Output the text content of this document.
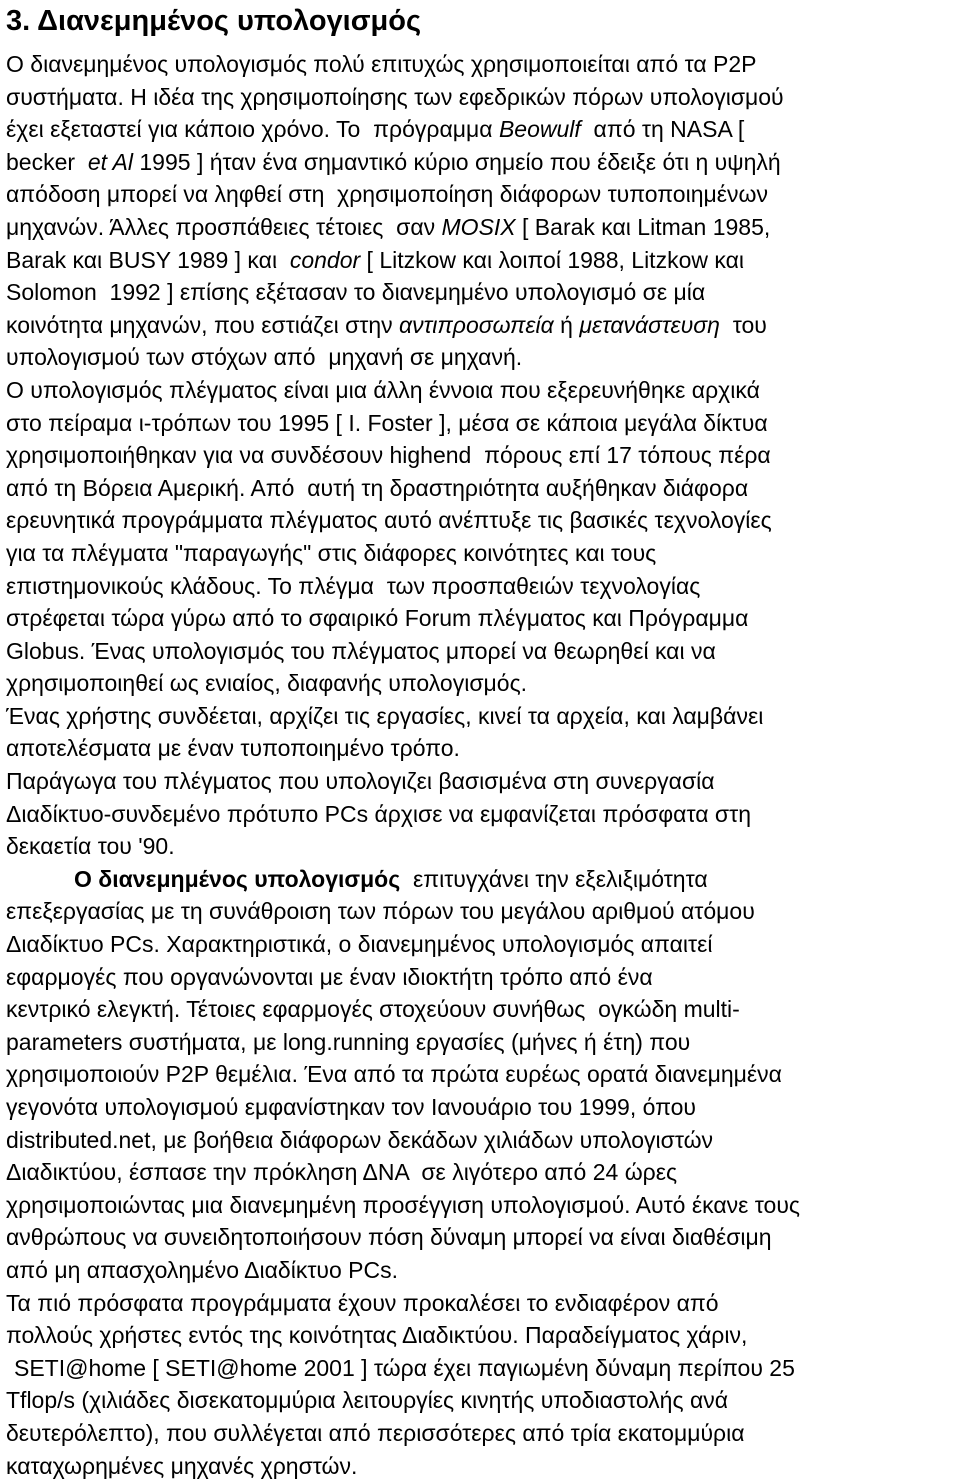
3. Διανεμημένος υπολογισμός
Ο διανεμημένος υπολογισμός πολύ επιτυχώς χρησιμοποιείται από τα P2P
συστήματα. Η ιδέα της χρησιμοποίησης των εφεδρικών πόρων υπολογισμού
έχει εξεταστεί για κάποιο χρόνο. Το  πρόγραμμα Beowulf  από τη NASA [
becker  et Al 1995 ] ήταν ένα σημαντικό κύριο σημείο που έδειξε ότι η υψηλή
απόδοση μπορεί να ληφθεί στη  χρησιμοποίηση διάφορων τυποποιημένων
μηχανών. Άλλες προσπάθειες τέτοιες  σαν MOSIX [ Barak και Litman 1985,
Barak και BUSY 1989 ] και  condor [ Litzkow και λοιποί 1988, Litzkow και
Solomon  1992 ] επίσης εξέτασαν το διανεμημένο υπολογισμό σε μία
κοινότητα μηχανών, που εστιάζει στην αντιπροσωπεία ή μετανάστευση  του
υπολογισμού των στόχων από  μηχανή σε μηχανή.
Ο υπολογισμός πλέγματος είναι μια άλλη έννοια που εξερευνήθηκε αρχικά
στο πείραμα ι-τρόπων του 1995 [ I. Foster ], μέσα σε κάποια μεγάλα δίκτυα
χρησιμοποιήθηκαν για να συνδέσουν highend  πόρους επί 17 τόπους πέρα
από τη Βόρεια Αμερική. Από  αυτή τη δραστηριότητα αυξήθηκαν διάφορα
ερευνητικά προγράμματα πλέγματος αυτό ανέπτυξε τις βασικές τεχνολογίες
για τα πλέγματα "παραγωγής" στις διάφορες κοινότητες και τους
επιστημονικούς κλάδους. Το πλέγμα  των προσπαθειών τεχνολογίας
στρέφεται τώρα γύρω από το σφαιρικό Forum πλέγματος και Πρόγραμμα
Globus. Ένας υπολογισμός του πλέγματος μπορεί να θεωρηθεί και να
χρησιμοποιηθεί ως ενιαίος, διαφανής υπολογισμός.
Ένας χρήστης συνδέεται, αρχίζει τις εργασίες, κινεί τα αρχεία, και λαμβάνει
αποτελέσματα με έναν τυποποιημένο τρόπο.
Παράγωγα του πλέγματος που υπολογιζει βασισμένα στη συνεργασία
Διαδίκτυο-συνδεμένο πρότυπο PCs άρχισε να εμφανίζεται πρόσφατα στη
δεκαετία του '90.
Ο διανεμημένος υπολογισμός  επιτυγχάνει την εξελιξιμότητα
επεξεργασίας με τη συνάθροιση των πόρων του μεγάλου αριθμού ατόμου
Διαδίκτυο PCs. Χαρακτηριστικά, ο διανεμημένος υπολογισμός απαιτεί
εφαρμογές που οργανώνονται με έναν ιδιοκτήτη τρόπο από ένα
κεντρικό ελεγκτή. Τέτοιες εφαρμογές στοχεύουν συνήθως  ογκώδη multi-
parameters συστήματα, με long.running εργασίες (μήνες ή έτη) που
χρησιμοποιούν P2P θεμέλια. Ένα από τα πρώτα ευρέως ορατά διανεμημένα
γεγονότα υπολογισμού εμφανίστηκαν τον Ιανουάριο του 1999, όπου
distributed.net, με βοήθεια διάφορων δεκάδων χιλιάδων υπολογιστών
Διαδικτύου, έσπασε την πρόκληση ΔΝΑ  σε λιγότερο από 24 ώρες
χρησιμοποιώντας μια διανεμημένη προσέγγιση υπολογισμού. Αυτό έκανε τους
ανθρώπους να συνειδητοποιήσουν πόση δύναμη μπορεί να είναι διαθέσιμη
από μη απασχολημένο Διαδίκτυο PCs.
Τα πιό πρόσφατα προγράμματα έχουν προκαλέσει το ενδιαφέρον από
πολλούς χρήστες εντός της κοινότητας Διαδικτύου. Παραδείγματος χάριν,
SETI@home [ SETI@home 2001 ] τώρα έχει παγιωμένη δύναμη περίπου 25
Tflop/s (χιλιάδες δισεκατομμύρια λειτουργίες κινητής υποδιαστολής ανά
δευτερόλεπτο), που συλλέγεται από περισσότερες από τρία εκατομμύρια
καταχωρημένες μηχανές χρηστών.
